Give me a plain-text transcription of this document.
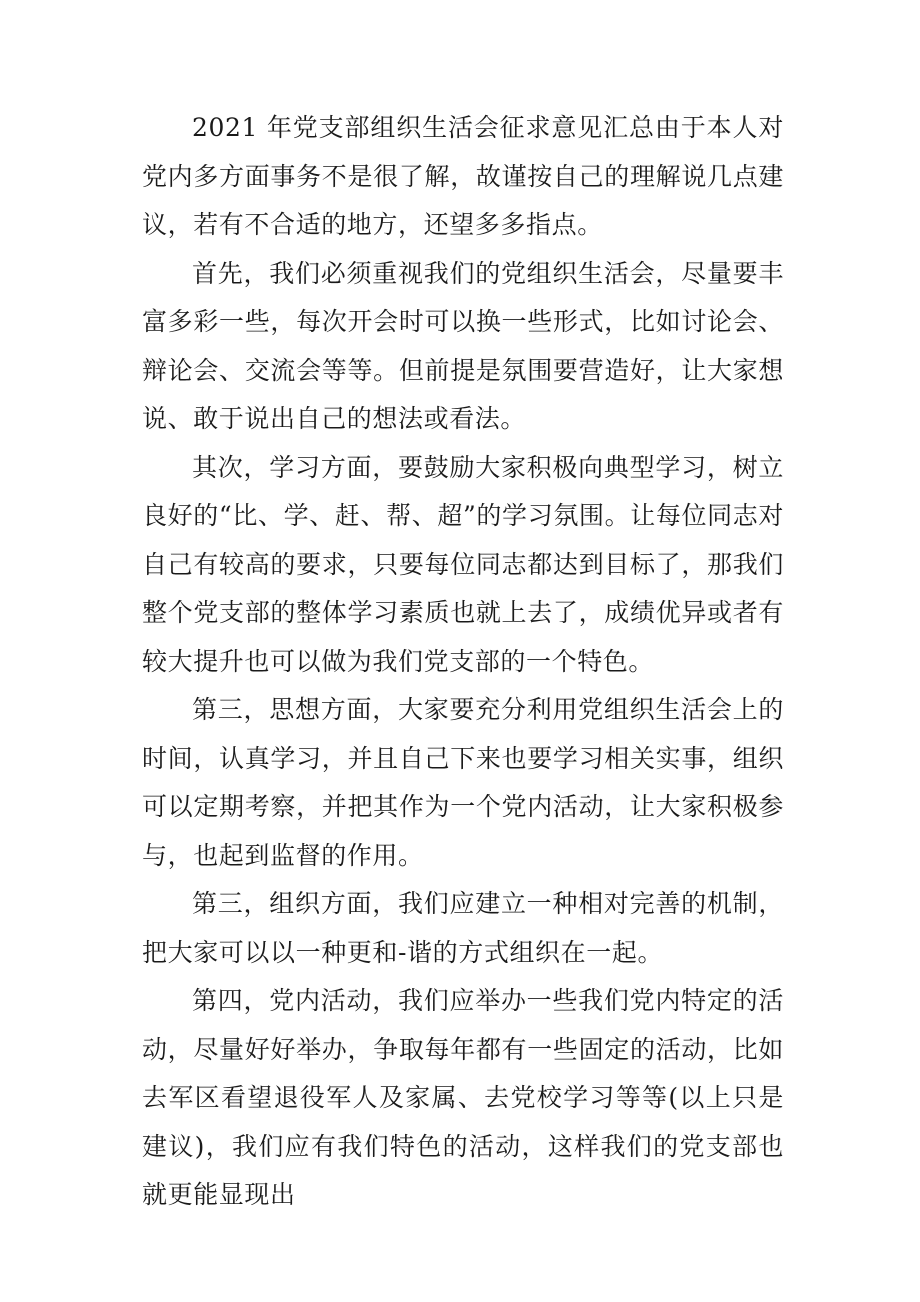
2021 年党支部组织生活会征求意见汇总由于本人对党内多方面事务不是很了解，故谨按自己的理解说几点建议，若有不合适的地方，还望多多指点。

首先，我们必须重视我们的党组织生活会，尽量要丰富多彩一些，每次开会时可以换一些形式，比如讨论会、辩论会、交流会等等。但前提是氛围要营造好，让大家想说、敢于说出自己的想法或看法。

其次，学习方面，要鼓励大家积极向典型学习，树立良好的“比、学、赶、帮、超”的学习氛围。让每位同志对自己有较高的要求，只要每位同志都达到目标了，那我们整个党支部的整体学习素质也就上去了，成绩优异或者有较大提升也可以做为我们党支部的一个特色。

第三，思想方面，大家要充分利用党组织生活会上的时间，认真学习，并且自己下来也要学习相关实事，组织可以定期考察，并把其作为一个党内活动，让大家积极参与，也起到监督的作用。

第三，组织方面，我们应建立一种相对完善的机制，把大家可以以一种更和-谐的方式组织在一起。

第四，党内活动，我们应举办一些我们党内特定的活动，尽量好好举办，争取每年都有一些固定的活动，比如去军区看望退役军人及家属、去党校学习等等(以上只是建议)，我们应有我们特色的活动，这样我们的党支部也就更能显现出
